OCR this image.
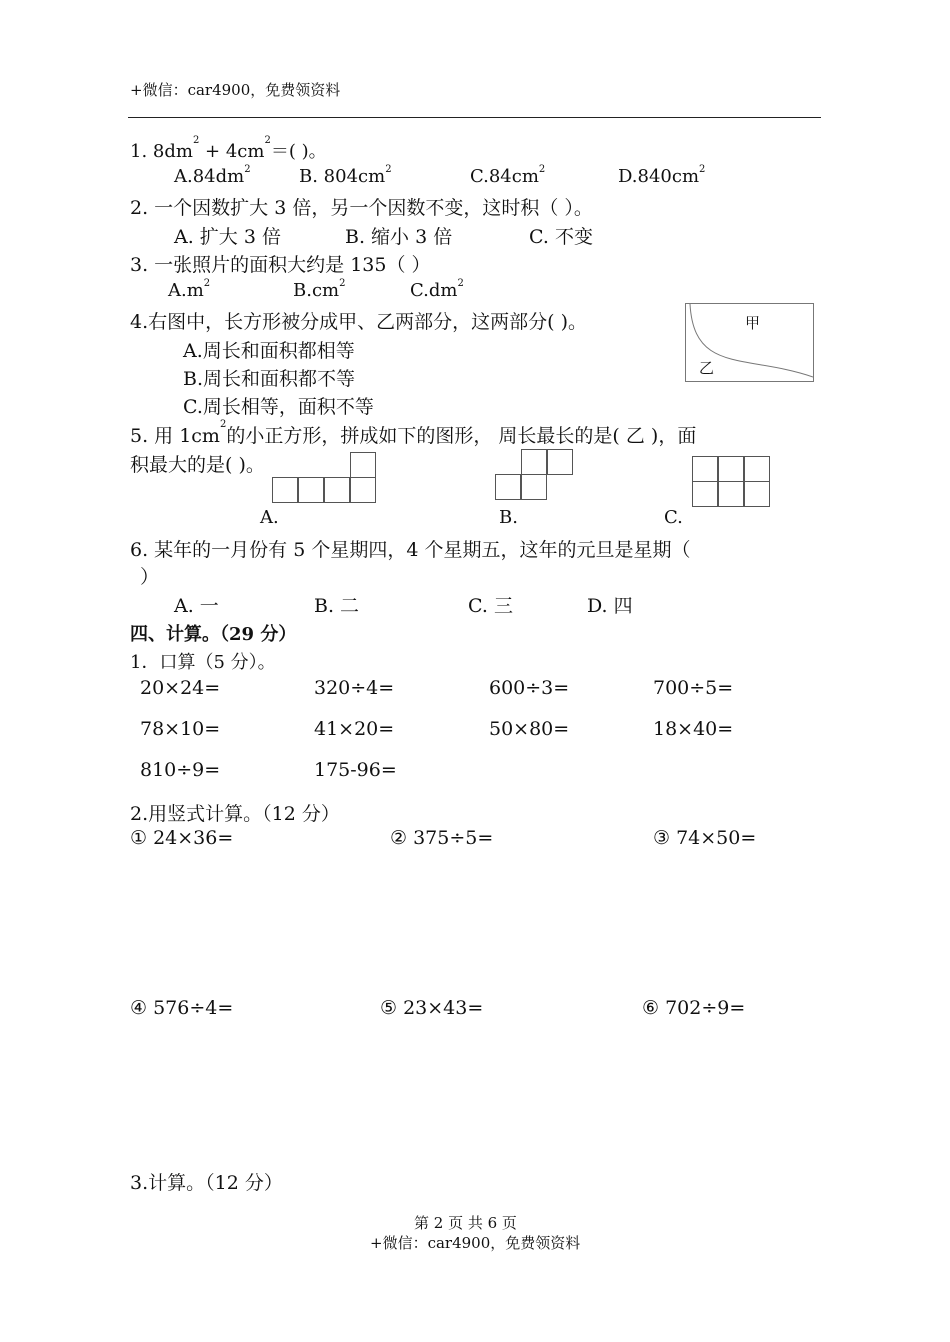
+微信：car4900，免费领资料
1. $8dm^2 + 4cm^2=$( )。
$A.84dm^2$	B. $804cm^2$	$C.84cm^2$	$D.840cm^2$
2. 一个因数扩大 3 倍，另一个因数不变，这时积（ ）。
A. 扩大 3 倍	B. 缩小 3 倍	C. 不变
3. 一张照片的面积大约是 135（ ）
$A.m^2$	$B.cm^2$	$C.dm^2$
4.右图中，长方形被分成甲、乙两部分，这两部分( )。
A.周长和面积都相等
B.周长和面积都不等
C.周长相等，面积不等
甲
乙
5. 用 $1cm^2$的小正方形，拼成如下的图形， 周长最长的是( 乙 )，面
积最大的是( )。
A.	B.	C.
6. 某年的一月份有 5 个星期四，4 个星期五，这年的元旦是星期（
）
A. 一	B. 二	C. 三	D. 四
四、计算。（29 分）
1．口算（5 分）。
20×24=	320÷4=	600÷3=	700÷5=
78×10=	41×20=	50×80=	18×40=
810÷9=	175-96=
2.用竖式计算。（12 分）
① 24×36=	② 375÷5=	③ 74×50=
④ 576÷4=	⑤ 23×43=	⑥ 702÷9=
3.计算。（12 分）
第 2 页 共 6 页
+微信：car4900，免费领资料
